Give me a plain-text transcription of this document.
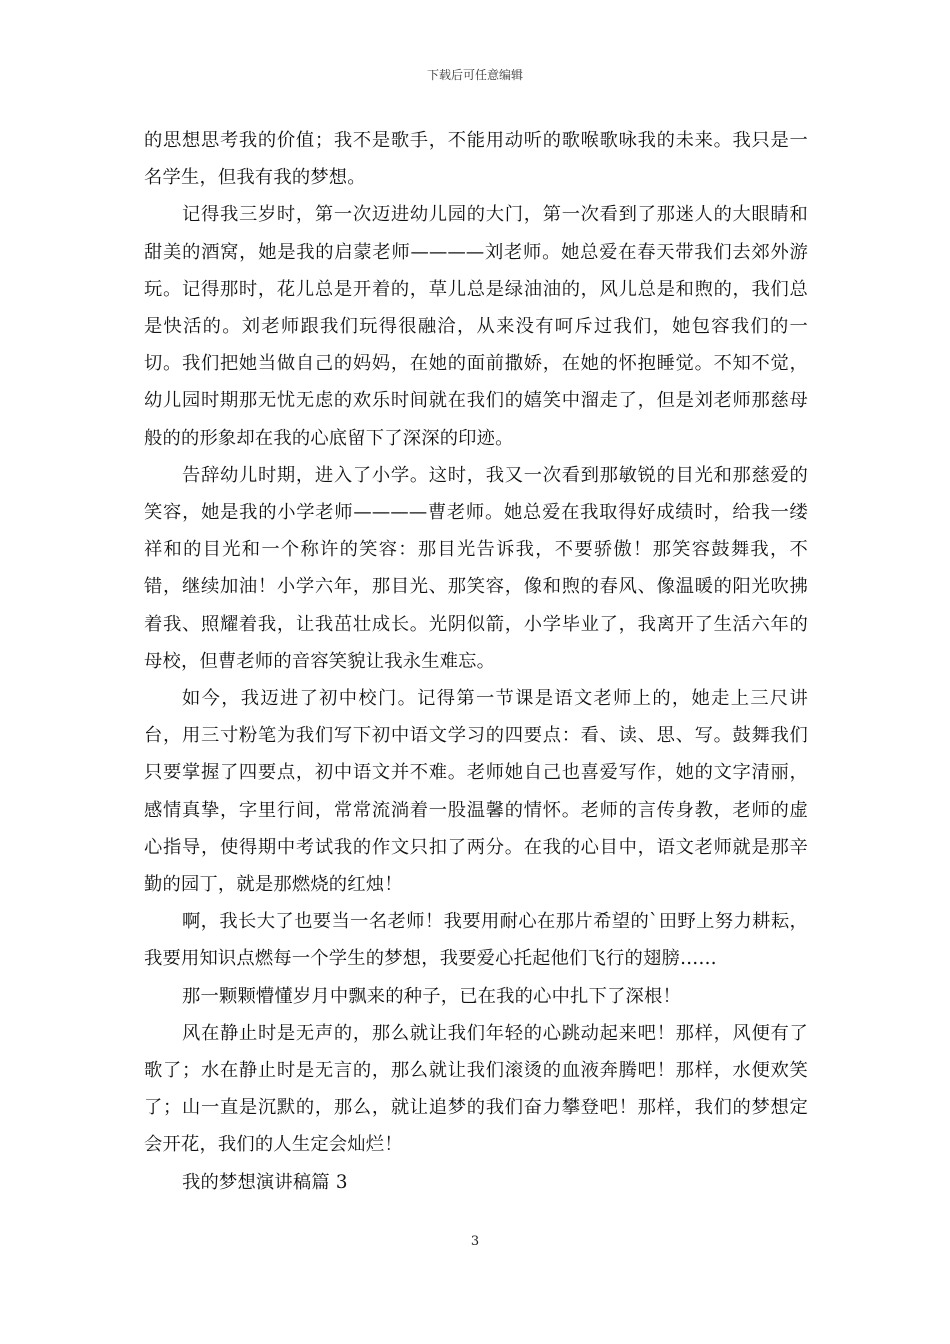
下载后可任意编辑

的思想思考我的价值；我不是歌手，不能用动听的歌喉歌咏我的未来。我只是一名学生，但我有我的梦想。

记得我三岁时，第一次迈进幼儿园的大门，第一次看到了那迷人的大眼睛和甜美的酒窝，她是我的启蒙老师————刘老师。她总爱在春天带我们去郊外游玩。记得那时，花儿总是开着的，草儿总是绿油油的，风儿总是和煦的，我们总是快活的。刘老师跟我们玩得很融洽，从来没有呵斥过我们，她包容我们的一切。我们把她当做自己的妈妈，在她的面前撒娇，在她的怀抱睡觉。不知不觉，幼儿园时期那无忧无虑的欢乐时间就在我们的嬉笑中溜走了，但是刘老师那慈母般的的形象却在我的心底留下了深深的印迹。

告辞幼儿时期，进入了小学。这时，我又一次看到那敏锐的目光和那慈爱的笑容，她是我的小学老师————曹老师。她总爱在我取得好成绩时，给我一缕祥和的目光和一个称许的笑容：那目光告诉我，不要骄傲！那笑容鼓舞我，不错，继续加油！小学六年，那目光、那笑容，像和煦的春风、像温暖的阳光吹拂着我、照耀着我，让我茁壮成长。光阴似箭，小学毕业了，我离开了生活六年的母校，但曹老师的音容笑貌让我永生难忘。

如今，我迈进了初中校门。记得第一节课是语文老师上的，她走上三尺讲台，用三寸粉笔为我们写下初中语文学习的四要点：看、读、思、写。鼓舞我们只要掌握了四要点，初中语文并不难。老师她自己也喜爱写作，她的文字清丽，感情真挚，字里行间，常常流淌着一股温馨的情怀。老师的言传身教，老师的虚心指导，使得期中考试我的作文只扣了两分。在我的心目中，语文老师就是那辛勤的园丁，就是那燃烧的红烛！

啊，我长大了也要当一名老师！我要用耐心在那片希望的`田野上努力耕耘，我要用知识点燃每一个学生的梦想，我要爱心托起他们飞行的翅膀……

那一颗颗懵懂岁月中飘来的种子，已在我的心中扎下了深根！

风在静止时是无声的，那么就让我们年轻的心跳动起来吧！那样，风便有了歌了；水在静止时是无言的，那么就让我们滚烫的血液奔腾吧！那样，水便欢笑了；山一直是沉默的，那么，就让追梦的我们奋力攀登吧！那样，我们的梦想定会开花，我们的人生定会灿烂！

我的梦想演讲稿篇 3

3
